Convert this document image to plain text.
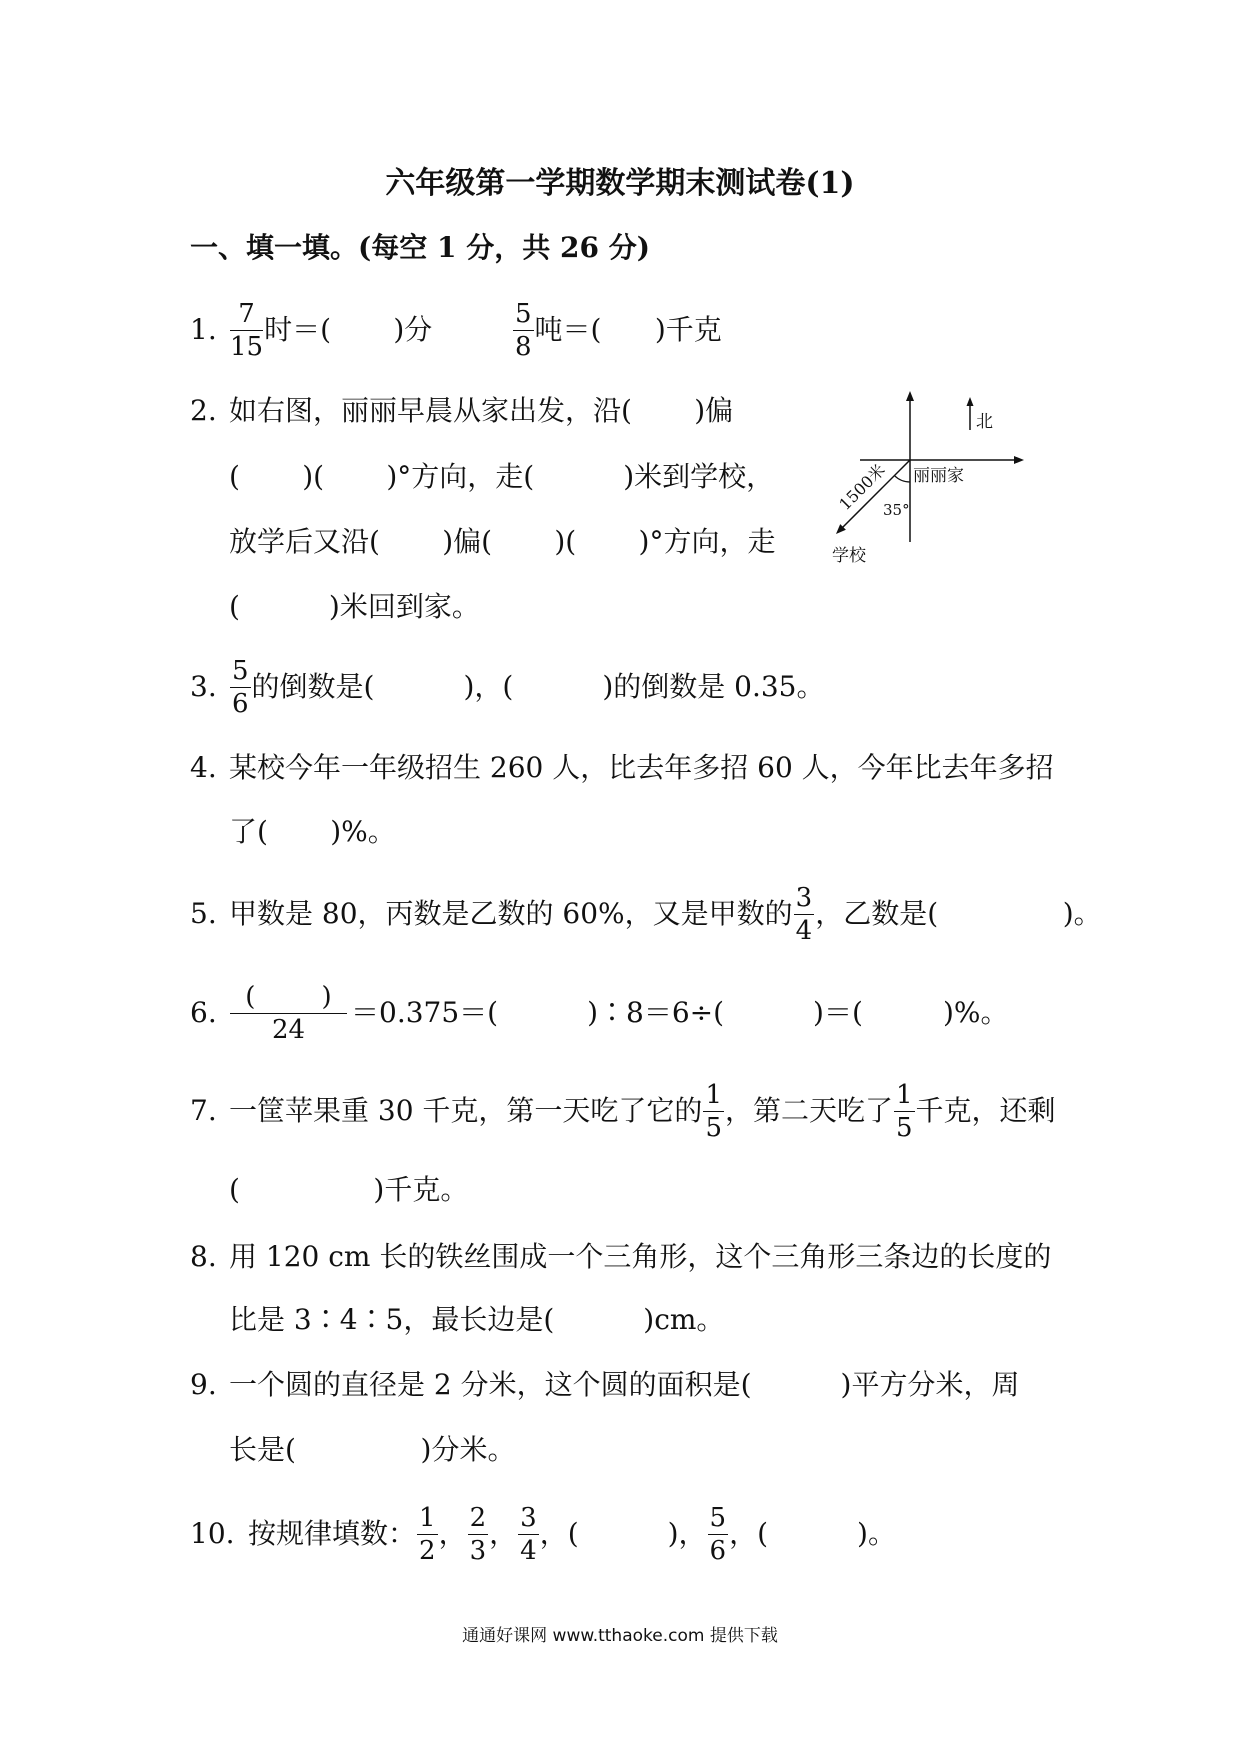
六年级第一学期数学期末测试卷(1)
一、填一填。(每空 1 分，共 26 分)
1. $\frac{7}{15}$ 时＝(       )分	$\frac{5}{8}$ 吨＝(      )千克
2. 如右图，丽丽早晨从家出发，沿(       )偏
(       )(       )°方向，走(          )米到学校，
放学后又沿(       )偏(       )(       )°方向，走
(          )米回到家。
北
35°
1500米 丽丽家
学校
3. $\frac{5}{6}$ 的倒数是(          )，(          )的倒数是 0.35。
4. 某校今年一年级招生 260 人，比去年多招 60 人，今年比去年多招
了(       )%。
5. 甲数是 80，丙数是乙数的 60%，又是甲数的 $\frac{3}{4}$ ，乙数是(              )。
6. $\frac{( )}{24} =0.375=$(          )∶8＝6÷(          )＝(         )%。
7. 一筐苹果重 30 千克，第一天吃了它的 $\frac{1}{5}$ ，第二天吃了 $\frac{1}{5}$ 千克，还剩
(               )千克。
8. 用 120 cm 长的铁丝围成一个三角形，这个三角形三条边的长度的
比是 3∶4∶5，最长边是(          )cm。
9. 一个圆的直径是 2 分米，这个圆的面积是(          )平方分米，周
长是(              )分米。
10. 按规律填数： $\frac{1}{2}$ ， $\frac{2}{3}$ ， $\frac{3}{4}$ ，(          )， $\frac{5}{6}$ ，(          )。
通通好课网 www.tthaoke.com 提供下载
